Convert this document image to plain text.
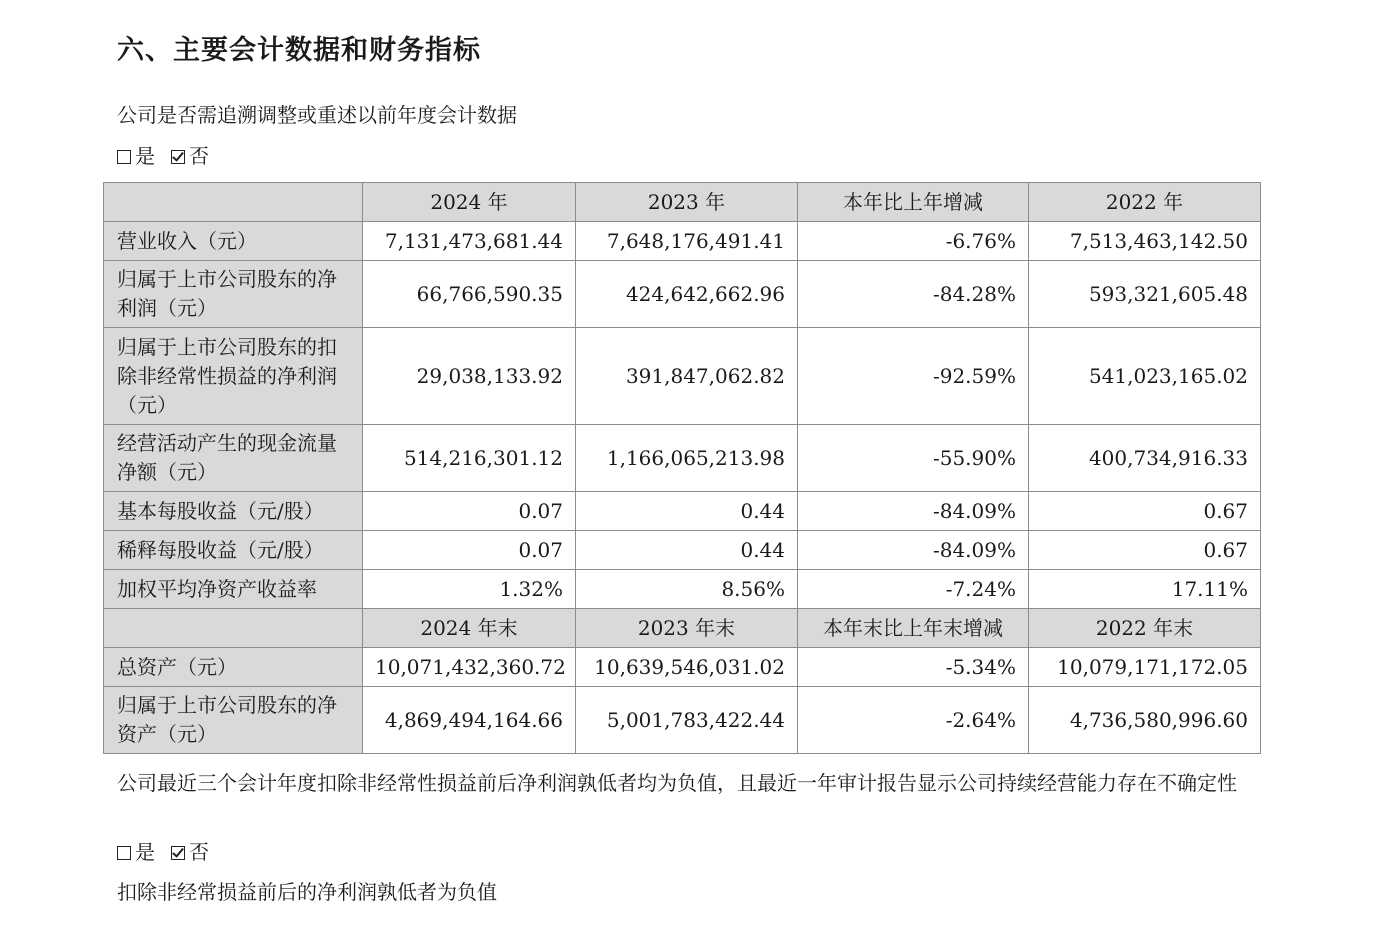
六、主要会计数据和财务指标
公司是否需追溯调整或重述以前年度会计数据
是 否
	2024 年	2023 年	本年比上年增减	2022 年
营业收入（元）	7,131,473,681.44	7,648,176,491.41	-6.76%	7,513,463,142.50
归属于上市公司股东的净利润（元）	66,766,590.35	424,642,662.96	-84.28%	593,321,605.48
归属于上市公司股东的扣除非经常性损益的净利润（元）	29,038,133.92	391,847,062.82	-92.59%	541,023,165.02
经营活动产生的现金流量净额（元）	514,216,301.12	1,166,065,213.98	-55.90%	400,734,916.33
基本每股收益（元/股）	0.07	0.44	-84.09%	0.67
稀释每股收益（元/股）	0.07	0.44	-84.09%	0.67
加权平均净资产收益率	1.32%	8.56%	-7.24%	17.11%
	2024 年末	2023 年末	本年末比上年末增减	2022 年末
总资产（元）	10,071,432,360.72	10,639,546,031.02	-5.34%	10,079,171,172.05
归属于上市公司股东的净资产（元）	4,869,494,164.66	5,001,783,422.44	-2.64%	4,736,580,996.60
公司最近三个会计年度扣除非经常性损益前后净利润孰低者均为负值，且最近一年审计报告显示公司持续经营能力存在不确定性
是 否
扣除非经常损益前后的净利润孰低者为负值
